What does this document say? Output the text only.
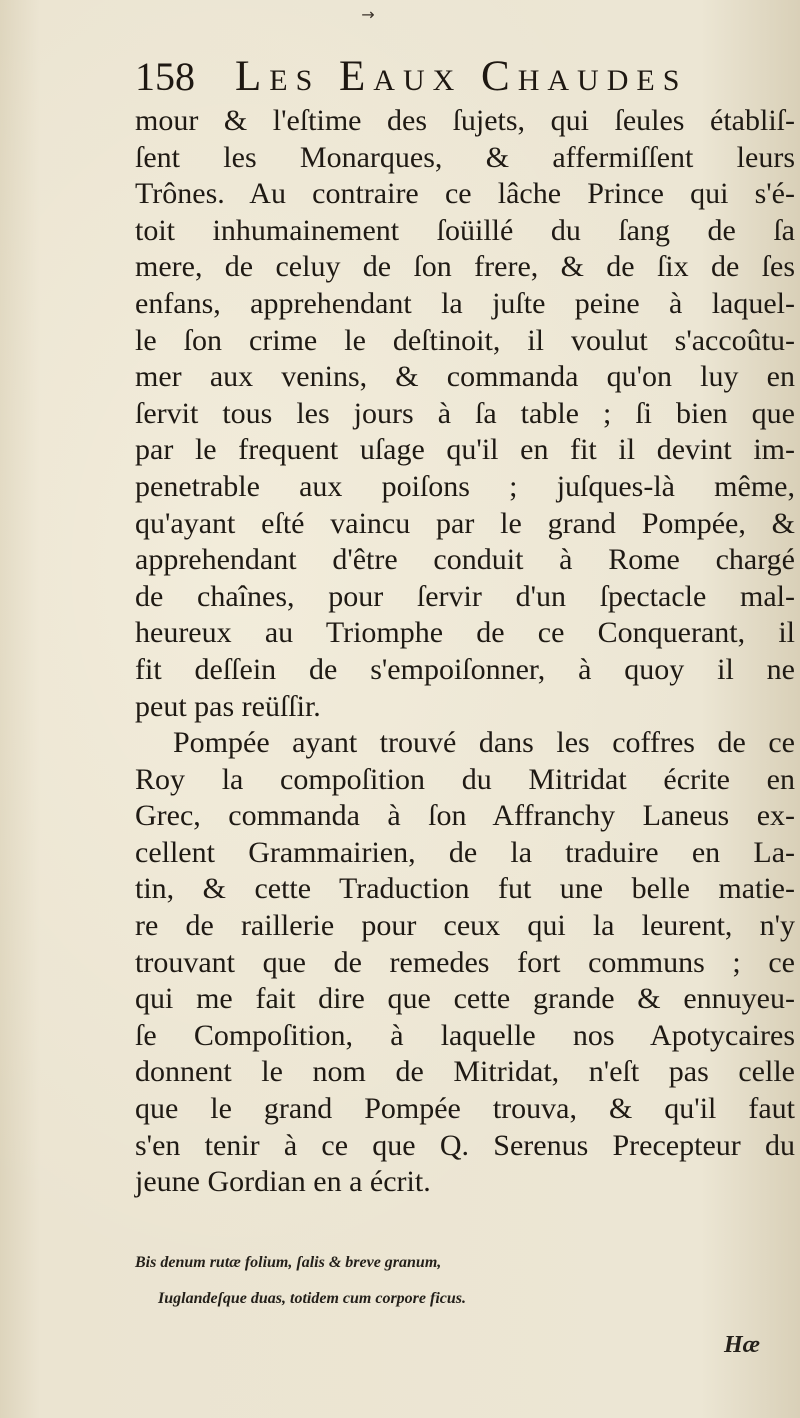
→
158 Les Eaux Chaudes
mour & l'eſtime des ſujets, qui ſeules établiſ-
ſent les Monarques, & affermiſſent leurs
Trônes. Au contraire ce lâche Prince qui s'é-
toit inhumainement ſoüillé du ſang de ſa
mere, de celuy de ſon frere, & de ſix de ſes
enfans, apprehendant la juſte peine à laquel-
le ſon crime le deſtinoit, il voulut s'accoûtu-
mer aux venins, & commanda qu'on luy en
ſervit tous les jours à ſa table ; ſi bien que
par le frequent uſage qu'il en fit il devint im-
penetrable aux poiſons ; juſques-là même,
qu'ayant eſté vaincu par le grand Pompée, &
apprehendant d'être conduit à Rome chargé
de chaînes, pour ſervir d'un ſpectacle mal-
heureux au Triomphe de ce Conquerant, il
fit deſſein de s'empoiſonner, à quoy il ne
peut pas reüſſir.
Pompée ayant trouvé dans les coffres de ce
Roy la compoſition du Mitridat écrite en
Grec, commanda à ſon Affranchy Laneus ex-
cellent Grammairien, de la traduire en La-
tin, & cette Traduction fut une belle matie-
re de raillerie pour ceux qui la leurent, n'y
trouvant que de remedes fort communs ; ce
qui me fait dire que cette grande & ennuyeu-
ſe Compoſition, à laquelle nos Apotycaires
donnent le nom de Mitridat, n'eſt pas celle
que le grand Pompée trouva, & qu'il faut
s'en tenir à ce que Q. Serenus Precepteur du
jeune Gordian en a écrit.
Bis denum rutæ folium, ſalis & breve granum,
Iuglandeſque duas, totidem cum corpore ficus.
Hæ
